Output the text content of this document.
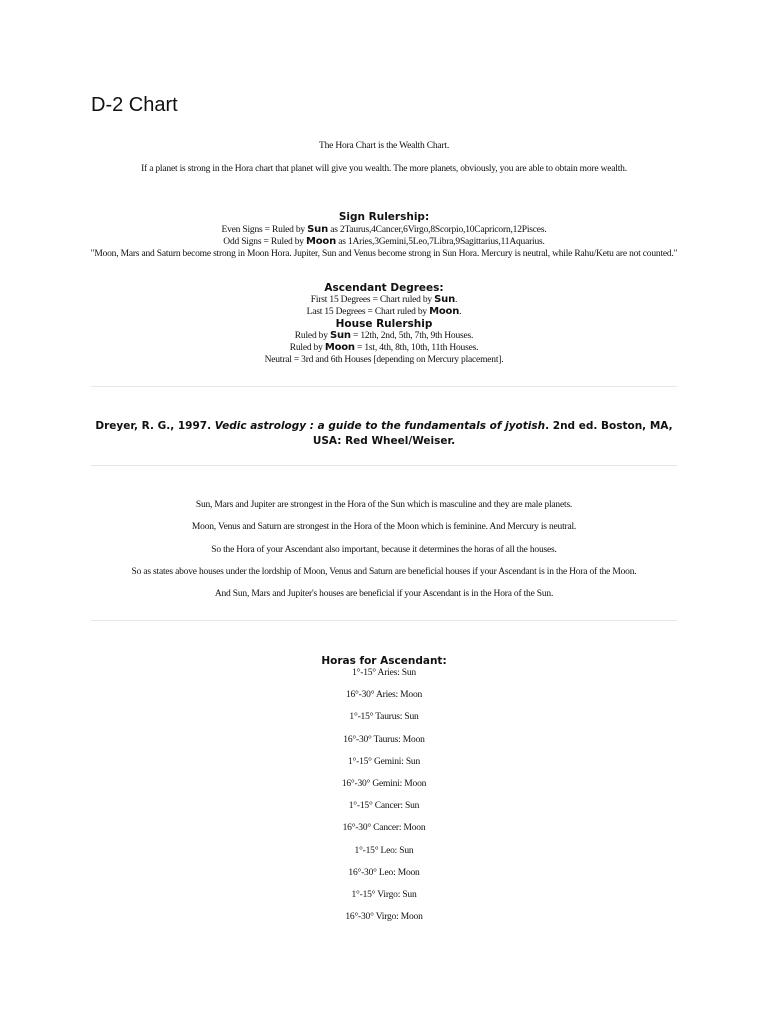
D-2 Chart
The Hora Chart is the Wealth Chart.
If a planet is strong in the Hora chart that planet will give you wealth. The more planets, obviously, you are able to obtain more wealth.
Sign Rulership:
Even Signs = Ruled by Sun as 2Taurus,4Cancer,6Virgo,8Scorpio,10Capricorn,12Pisces.
Odd Signs = Ruled by Moon as 1Aries,3Gemini,5Leo,7Libra,9Sagittarius,11Aquarius.
"Moon, Mars and Saturn become strong in Moon Hora. Jupiter, Sun and Venus become strong in Sun Hora. Mercury is neutral, while Rahu/Ketu are not counted."
Ascendant Degrees:
First 15 Degrees = Chart ruled by Sun.
Last 15 Degrees = Chart ruled by Moon.
House Rulership
Ruled by Sun = 12th, 2nd, 5th, 7th, 9th Houses.
Ruled by Moon = 1st, 4th, 8th, 10th, 11th Houses.
Neutral = 3rd and 6th Houses [depending on Mercury placement].
Dreyer, R. G., 1997. Vedic astrology : a guide to the fundamentals of jyotish. 2nd ed. Boston, MA, USA: Red Wheel/Weiser.
Sun, Mars and Jupiter are strongest in the Hora of the Sun which is masculine and they are male planets.
Moon, Venus and Saturn are strongest in the Hora of the Moon which is feminine. And Mercury is neutral.
So the Hora of your Ascendant also important, because it determines the horas of all the houses.
So as states above houses under the lordship of Moon, Venus and Saturn are beneficial houses if your Ascendant is in the Hora of the Moon.
And Sun, Mars and Jupiter's houses are beneficial if your Ascendant is in the Hora of the Sun.
Horas for Ascendant:
1°-15° Aries: Sun
16°-30° Aries: Moon
1°-15° Taurus: Sun
16°-30° Taurus: Moon
1°-15° Gemini: Sun
16°-30° Gemini: Moon
1°-15° Cancer: Sun
16°-30° Cancer: Moon
1°-15° Leo: Sun
16°-30° Leo: Moon
1°-15° Virgo: Sun
16°-30° Virgo: Moon
